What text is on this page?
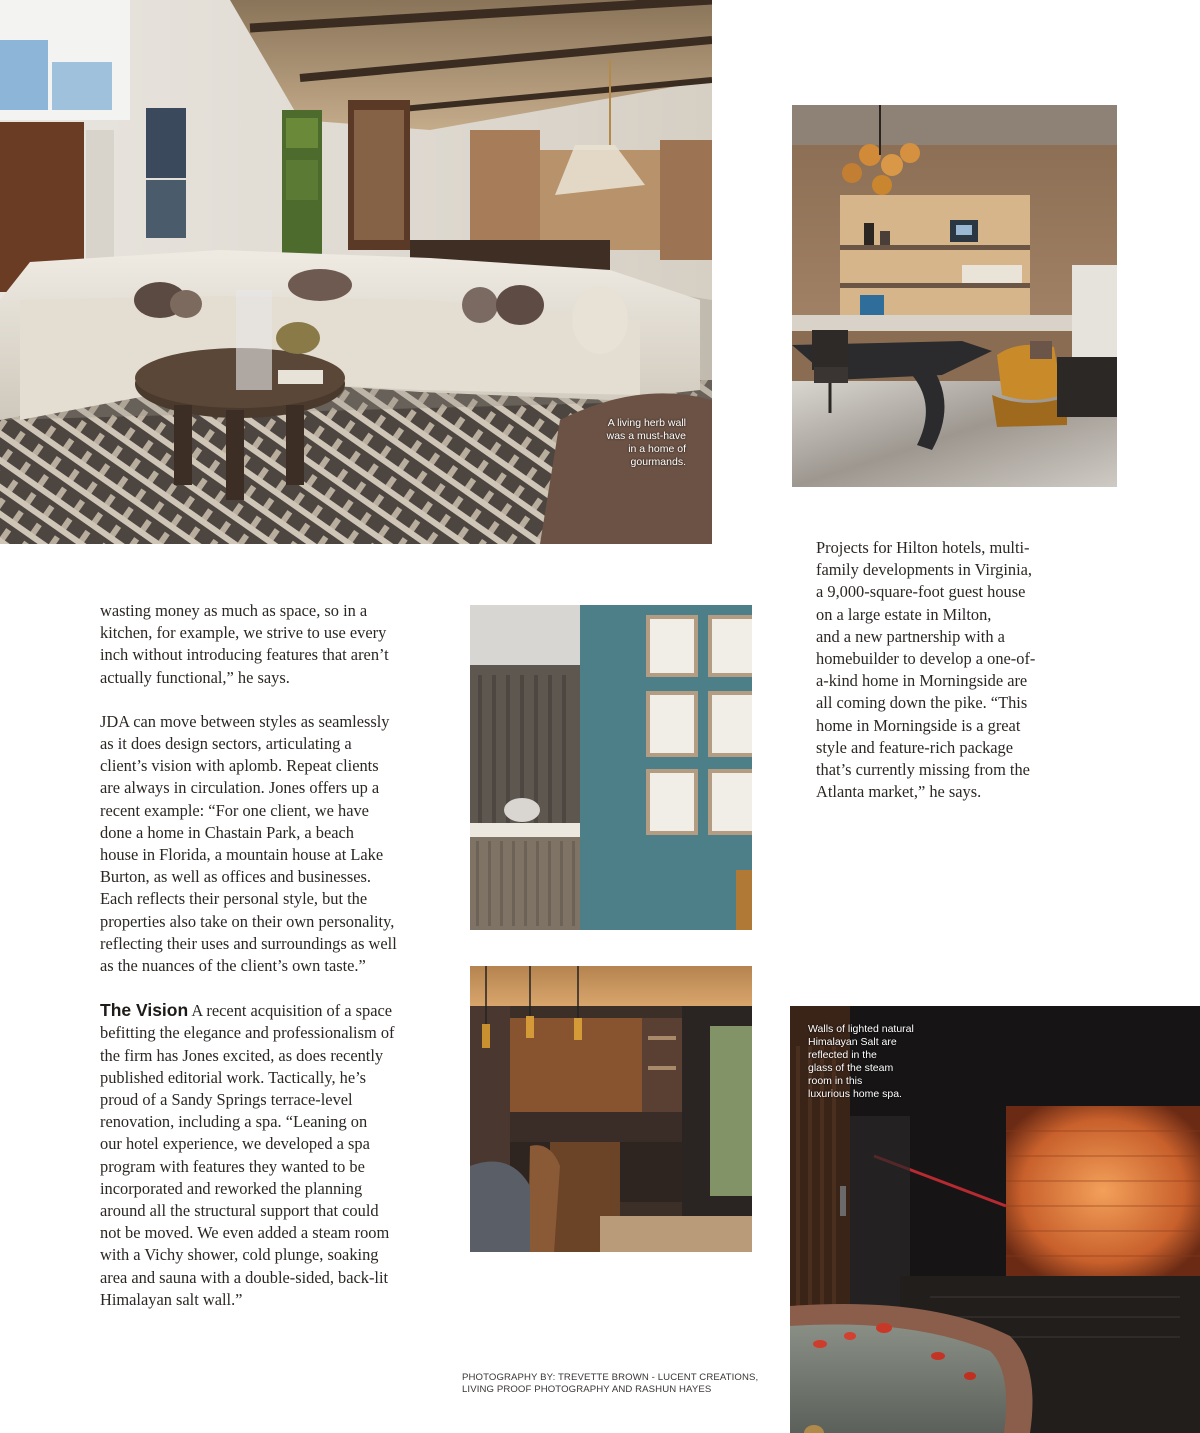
A living herb wall
was a must-have
in a home of
gourmands.
Walls of lighted natural
Himalayan Salt are
reflected in the
glass of the steam
room in this
luxurious home spa.
wasting money as much as space, so in a
kitchen, for example, we strive to use every
inch without introducing features that aren’t
actually functional,” he says.
JDA can move between styles as seamlessly
as it does design sectors, articulating a
client’s vision with aplomb. Repeat clients
are always in circulation. Jones offers up a
recent example: “For one client, we have
done a home in Chastain Park, a beach
house in Florida, a mountain house at Lake
Burton, as well as offices and businesses.
Each reflects their personal style, but the
properties also take on their own personality,
reflecting their uses and surroundings as well
as the nuances of the client’s own taste.”
The Vision A recent acquisition of a space
befitting the elegance and professionalism of
the firm has Jones excited, as does recently
published editorial work. Tactically, he’s
proud of a Sandy Springs terrace-level
renovation, including a spa. “Leaning on
our hotel experience, we developed a spa
program with features they wanted to be
incorporated and reworked the planning
around all the structural support that could
not be moved. We even added a steam room
with a Vichy shower, cold plunge, soaking
area and sauna with a double-sided, back-lit
Himalayan salt wall.”
Projects for Hilton hotels, multi-
family developments in Virginia,
a 9,000-square-foot guest house
on a large estate in Milton,
and a new partnership with a
homebuilder to develop a one-of-
a-kind home in Morningside are
all coming down the pike. “This
home in Morningside is a great
style and feature-rich package
that’s currently missing from the
Atlanta market,” he says.
PHOTOGRAPHY BY: TREVETTE BROWN - LUCENT CREATIONS,
LIVING PROOF PHOTOGRAPHY AND RASHUN HAYES
